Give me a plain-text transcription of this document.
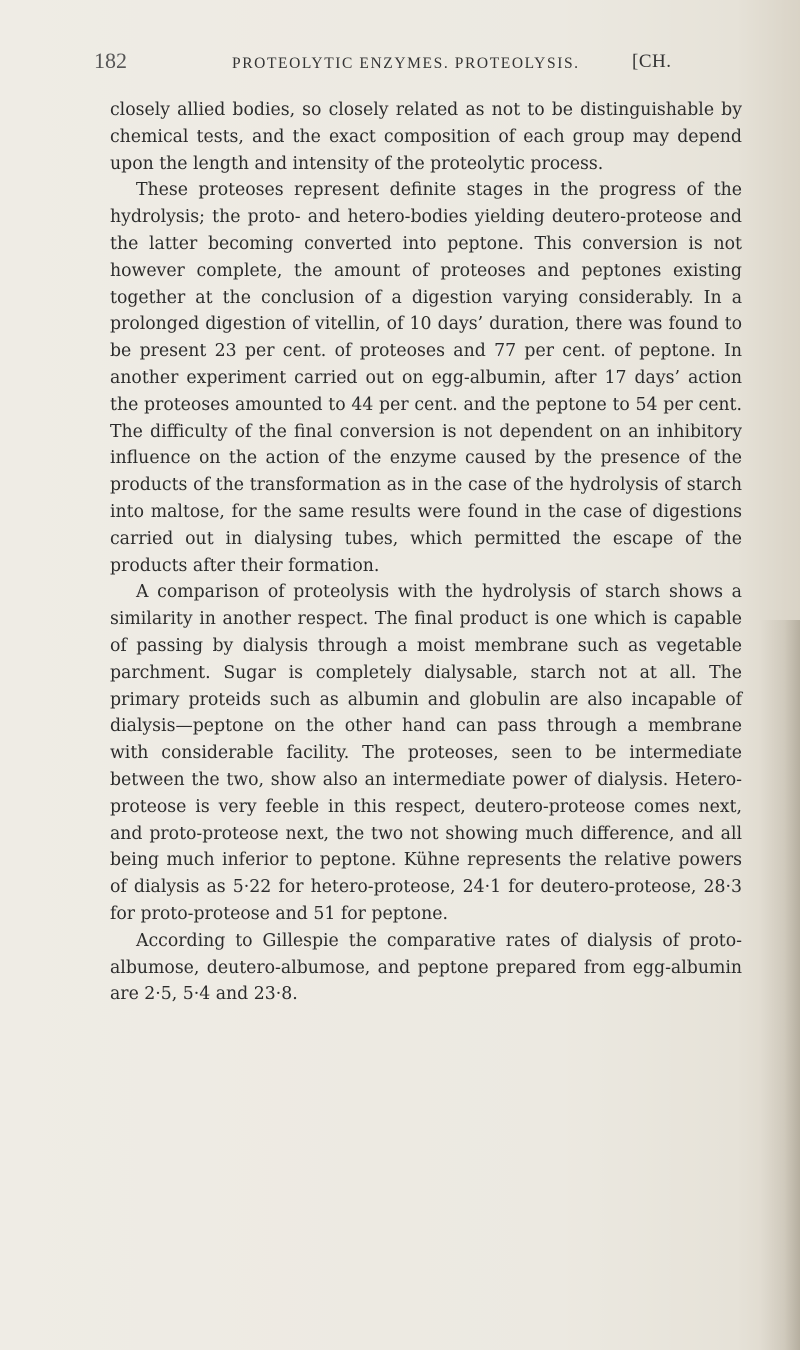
182	PROTEOLYTIC ENZYMES. PROTEOLYSIS.	[CH.

closely allied bodies, so closely related as not to be distinguishable by chemical tests, and the exact composition of each group may depend upon the length and intensity of the proteolytic process.

These proteoses represent definite stages in the progress of the hydrolysis; the proto- and hetero-bodies yielding deutero-proteose and the latter becoming converted into peptone. This conversion is not however complete, the amount of proteoses and peptones existing together at the conclusion of a digestion varying considerably. In a prolonged digestion of vitellin, of 10 days’ duration, there was found to be present 23 per cent. of proteoses and 77 per cent. of peptone. In another experiment carried out on egg-albumin, after 17 days’ action the proteoses amounted to 44 per cent. and the peptone to 54 per cent. The difficulty of the final conversion is not dependent on an inhibitory influence on the action of the enzyme caused by the presence of the products of the transformation as in the case of the hydrolysis of starch into maltose, for the same results were found in the case of digestions carried out in dialysing tubes, which permitted the escape of the products after their formation.

A comparison of proteolysis with the hydrolysis of starch shows a similarity in another respect. The final product is one which is capable of passing by dialysis through a moist membrane such as vegetable parchment. Sugar is completely dialysable, starch not at all. The primary proteids such as albumin and globulin are also incapable of dialysis—peptone on the other hand can pass through a membrane with considerable facility. The proteoses, seen to be intermediate between the two, show also an intermediate power of dialysis. Hetero-proteose is very feeble in this respect, deutero-proteose comes next, and proto-proteose next, the two not showing much difference, and all being much inferior to peptone. Kühne represents the relative powers of dialysis as 5·22 for hetero-proteose, 24·1 for deutero-proteose, 28·3 for proto-proteose and 51 for peptone.

According to Gillespie the comparative rates of dialysis of proto-albumose, deutero-albumose, and peptone prepared from egg-albumin are 2·5, 5·4 and 23·8.
